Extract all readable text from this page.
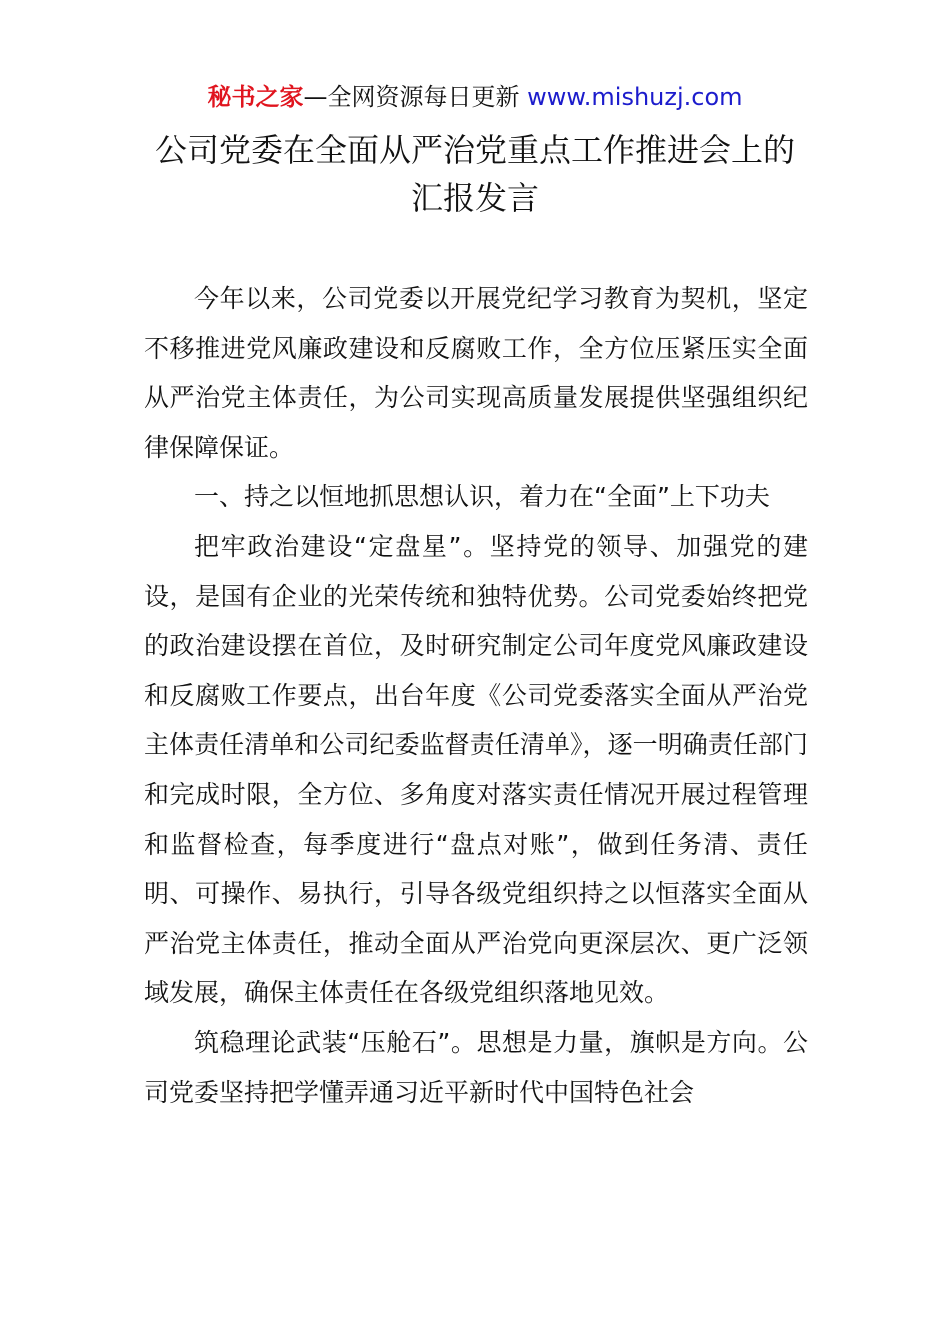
秘书之家—全网资源每日更新 www.mishuzj.com
公司党委在全面从严治党重点工作推进会上的
汇报发言

今年以来，公司党委以开展党纪学习教育为契机，坚定不移推进党风廉政建设和反腐败工作，全方位压紧压实全面从严治党主体责任，为公司实现高质量发展提供坚强组织纪律保障保证。

一、持之以恒地抓思想认识，着力在“全面”上下功夫

把牢政治建设“定盘星”。坚持党的领导、加强党的建设，是国有企业的光荣传统和独特优势。公司党委始终把党的政治建设摆在首位，及时研究制定公司年度党风廉政建设和反腐败工作要点，出台年度《公司党委落实全面从严治党主体责任清单和公司纪委监督责任清单》，逐一明确责任部门和完成时限，全方位、多角度对落实责任情况开展过程管理和监督检查，每季度进行“盘点对账”，做到任务清、责任明、可操作、易执行，引导各级党组织持之以恒落实全面从严治党主体责任，推动全面从严治党向更深层次、更广泛领域发展，确保主体责任在各级党组织落地见效。

筑稳理论武装“压舱石”。思想是力量，旗帜是方向。公司党委坚持把学懂弄通习近平新时代中国特色社会
